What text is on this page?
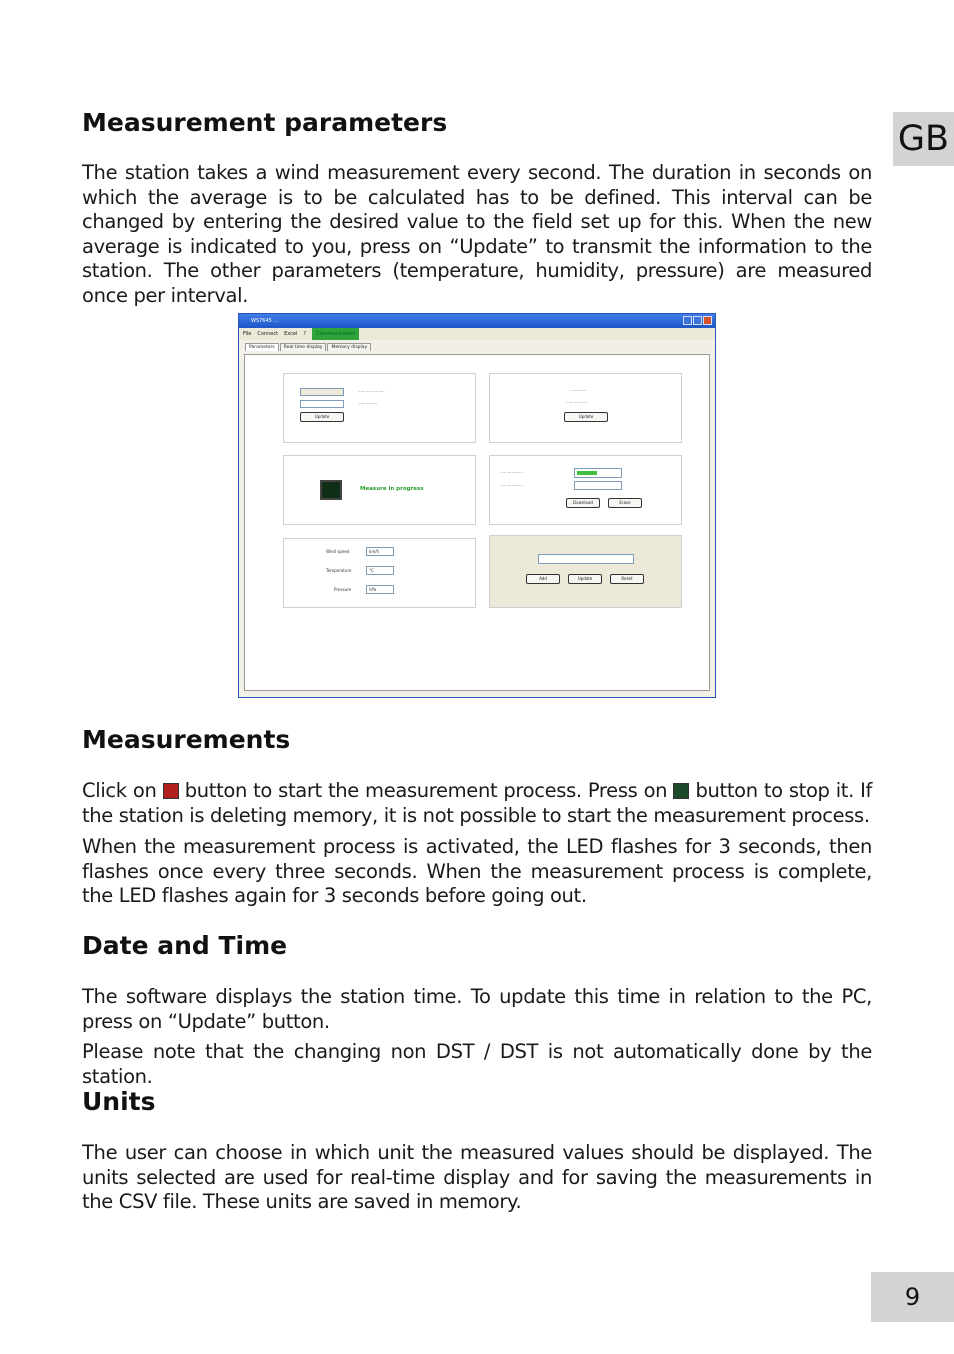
GB
Measurement parameters

The station takes a wind measurement every second. The duration in seconds on which the average is to be calculated has to be defined. This interval can be changed by entering the desired value to the field set up for this. When the new average is indicated to you, press on “Update” to transmit the information to the station. The other parameters (temperature, humidity, pressure) are measured once per interval.

WS7645 ...
File Connect Excel ?	Communication
Parameters	Real time display	Memory display
·····················
···············
Update
·············
·················
Update
Measure in progress
··················
··················
Download	Erase
Wind speed	km/h
Temperature	°C
Pressure	hPa
Add	Update	Reset
Measurements

Click on button to start the measurement process. Press on button to stop it. If the station is deleting memory, it is not possible to start the measurement process.

When the measurement process is activated, the LED flashes for 3 seconds, then flashes once every three seconds. When the measurement process is complete, the LED flashes again for 3 seconds before going out.

Date and Time

The software displays the station time. To update this time in relation to the PC, press on “Update” button.

Please note that the changing non DST / DST is not automatically done by the station.

Units

The user can choose in which unit the measured values should be displayed. The units selected are used for real-time display and for saving the measurements in the CSV file. These units are saved in memory.

9
